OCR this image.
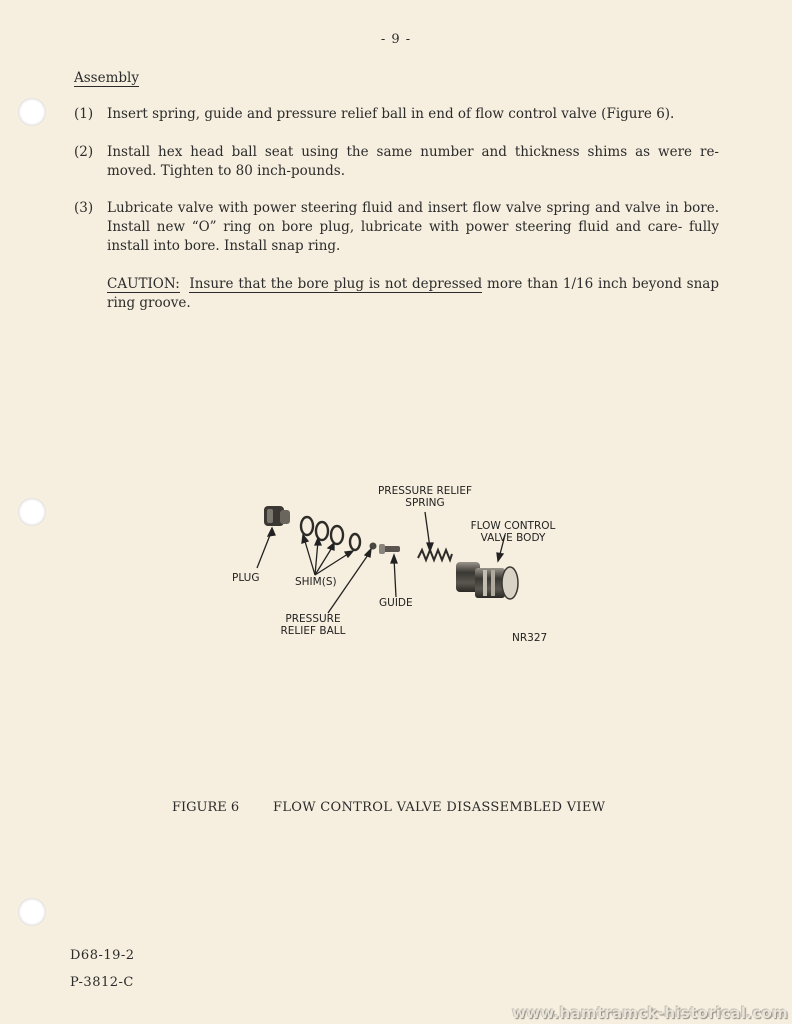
- 9 -
Assembly
(1) Insert spring, guide and pressure relief ball in end of flow control valve (Figure 6).
(2) Install hex head ball seat using the same number and thickness shims as were re- moved. Tighten to 80 inch-pounds.
(3) Lubricate valve with power steering fluid and insert flow valve spring and valve in bore. Install new “O” ring on bore plug, lubricate with power steering fluid and care- fully install into bore. Install snap ring.
CAUTION: Insure that the bore plug is not depressed more than 1/16 inch beyond snap ring groove.
PLUG	SHIM(S)
PRESSURE
RELIEF BALL
PRESSURE RELIEF
SPRING
GUIDE
FLOW CONTROL
VALVE BODY
NR327
FIGURE 6	FLOW CONTROL VALVE DISASSEMBLED VIEW
D68-19-2
P-3812-C
www.hamtramck-historical.com
